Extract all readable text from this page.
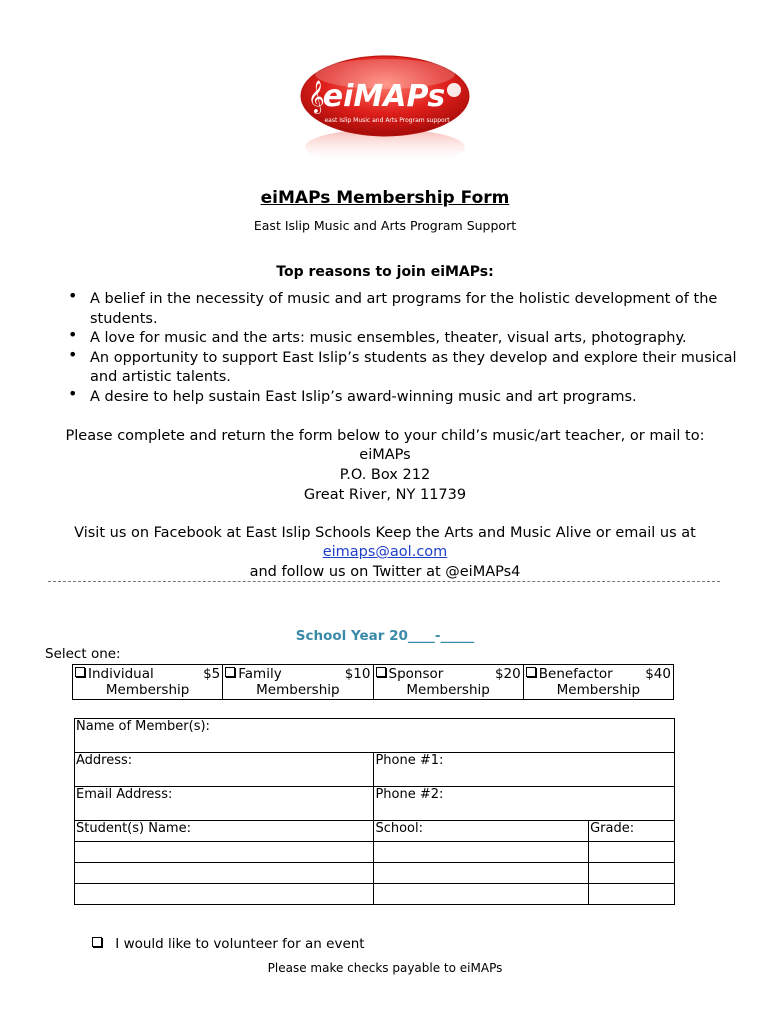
𝄞
eiMAPs
east Islip Music and Arts Program support
eiMAPs Membership Form
East Islip Music and Arts Program Support
Top reasons to join eiMAPs:
• A belief in the necessity of music and art programs for the holistic development of the students.
• A love for music and the arts: music ensembles, theater, visual arts, photography.
• An opportunity to support East Islip’s students as they develop and explore their musical and artistic talents.
• A desire to help sustain East Islip’s award-winning music and art programs.
Please complete and return the form below to your child’s music/art teacher, or mail to:
eiMAPs
P.O. Box 212
Great River, NY 11739
Visit us on Facebook at East Islip Schools Keep the Arts and Music Alive or email us at
eimaps@aol.com
and follow us on Twitter at @eiMAPs4
School Year 20____-_____
Select one:
Individual	$5
Membership

Family	$10
Membership

Sponsor	$20
Membership

Benefactor $40
Membership
Name of Member(s):		
Address:	Phone #1:	
Email Address:	Phone #2:	
Student(s) Name:	School:	Grade:

I would like to volunteer for an event
Please make checks payable to eiMAPs
